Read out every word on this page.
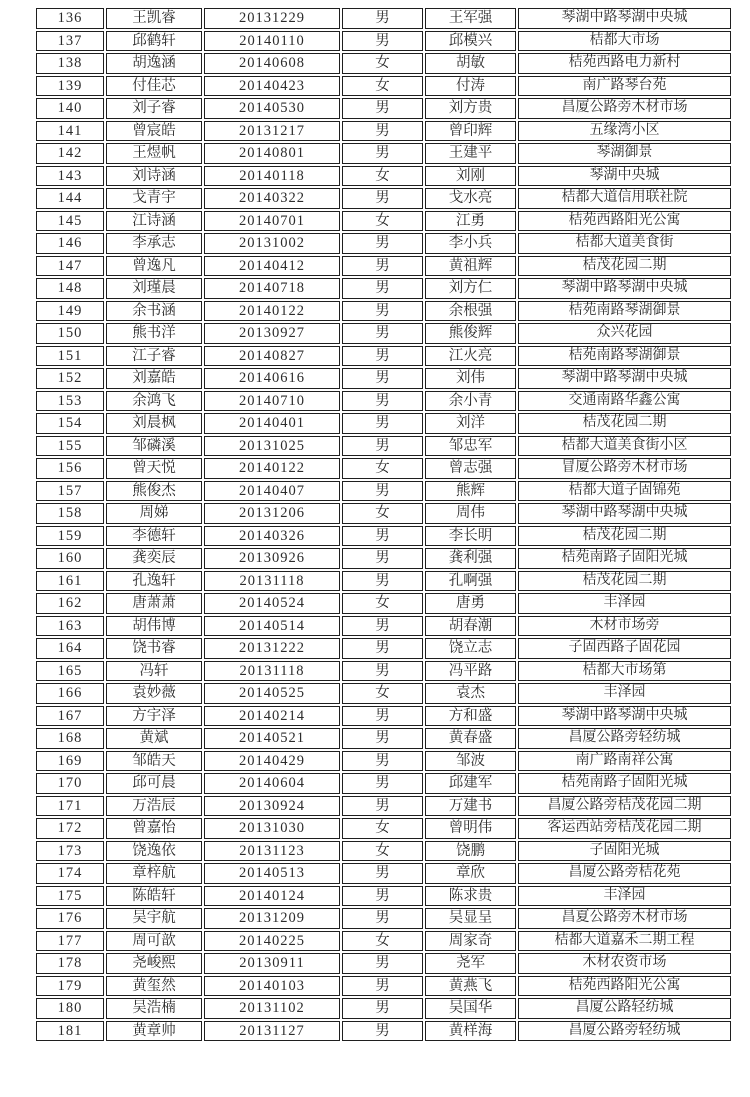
136	王凯睿	20131229	男	王军强	琴湖中路琴湖中央城
137	邱鹤轩	20140110	男	邱模兴	桔都大市场
138	胡逸涵	20140608	女	胡敏	桔苑西路电力新村
139	付佳芯	20140423	女	付涛	南广路琴台苑
140	刘子睿	20140530	男	刘方贵	昌厦公路旁木材市场
141	曾宸皓	20131217	男	曾印辉	五缘湾小区
142	王煜帆	20140801	男	王建平	琴湖御景
143	刘诗涵	20140118	女	刘刚	琴湖中央城
144	戈青宇	20140322	男	戈水亮	桔都大道信用联社院
145	江诗涵	20140701	女	江勇	桔苑西路阳光公寓
146	李承志	20131002	男	李小兵	桔都大道美食街
147	曾逸凡	20140412	男	黄祖辉	桔茂花园二期
148	刘瑾晨	20140718	男	刘方仁	琴湖中路琴湖中央城
149	余书涵	20140122	男	余根强	桔苑南路琴湖御景
150	熊书洋	20130927	男	熊俊辉	众兴花园
151	江子睿	20140827	男	江火亮	桔苑南路琴湖御景
152	刘嘉皓	20140616	男	刘伟	琴湖中路琴湖中央城
153	余鸿飞	20140710	男	余小青	交通南路华鑫公寓
154	刘晨枫	20140401	男	刘洋	桔茂花园二期
155	邹磷溪	20131025	男	邹忠军	桔都大道美食街小区
156	曾天悦	20140122	女	曾志强	冒厦公路旁木材市场
157	熊俊杰	20140407	男	熊辉	桔都大道子固锦苑
158	周娣	20131206	女	周伟	琴湖中路琴湖中央城
159	李德轩	20140326	男	李长明	桔茂花园二期
160	龚奕辰	20130926	男	龚利强	桔苑南路子固阳光城
161	孔逸轩	20131118	男	孔啊强	桔茂花园二期
162	唐萧萧	20140524	女	唐勇	丰泽园
163	胡伟博	20140514	男	胡春潮	木材市场旁
164	饶书睿	20131222	男	饶立志	子固西路子固花园
165	冯轩	20131118	男	冯平路	桔都大市场第
166	袁妙薇	20140525	女	袁杰	丰泽园
167	方宇泽	20140214	男	方和盛	琴湖中路琴湖中央城
168	黄斌	20140521	男	黄春盛	昌厦公路旁轻纺城
169	邹皓天	20140429	男	邹波	南广路南祥公寓
170	邱可晨	20140604	男	邱建军	桔苑南路子固阳光城
171	万浩辰	20130924	男	万建书	昌厦公路旁桔茂花园二期
172	曾嘉怡	20131030	女	曾明伟	客运西站旁桔茂花园二期
173	饶逸依	20131123	女	饶鹏	子固阳光城
174	章梓航	20140513	男	章欣	昌厦公路旁桔花苑
175	陈皓轩	20140124	男	陈求贵	丰泽园
176	吴宇航	20131209	男	吴显呈	昌夏公路旁木材市场
177	周可歆	20140225	女	周家奇	桔都大道嘉禾二期工程
178	尧峻熙	20130911	男	尧军	木材农资市场
179	黄玺然	20140103	男	黄燕飞	桔苑西路阳光公寓
180	吴浩楠	20131102	男	吴国华	昌厦公路轻纺城
181	黄章帅	20131127	男	黄样海	昌厦公路旁轻纺城
